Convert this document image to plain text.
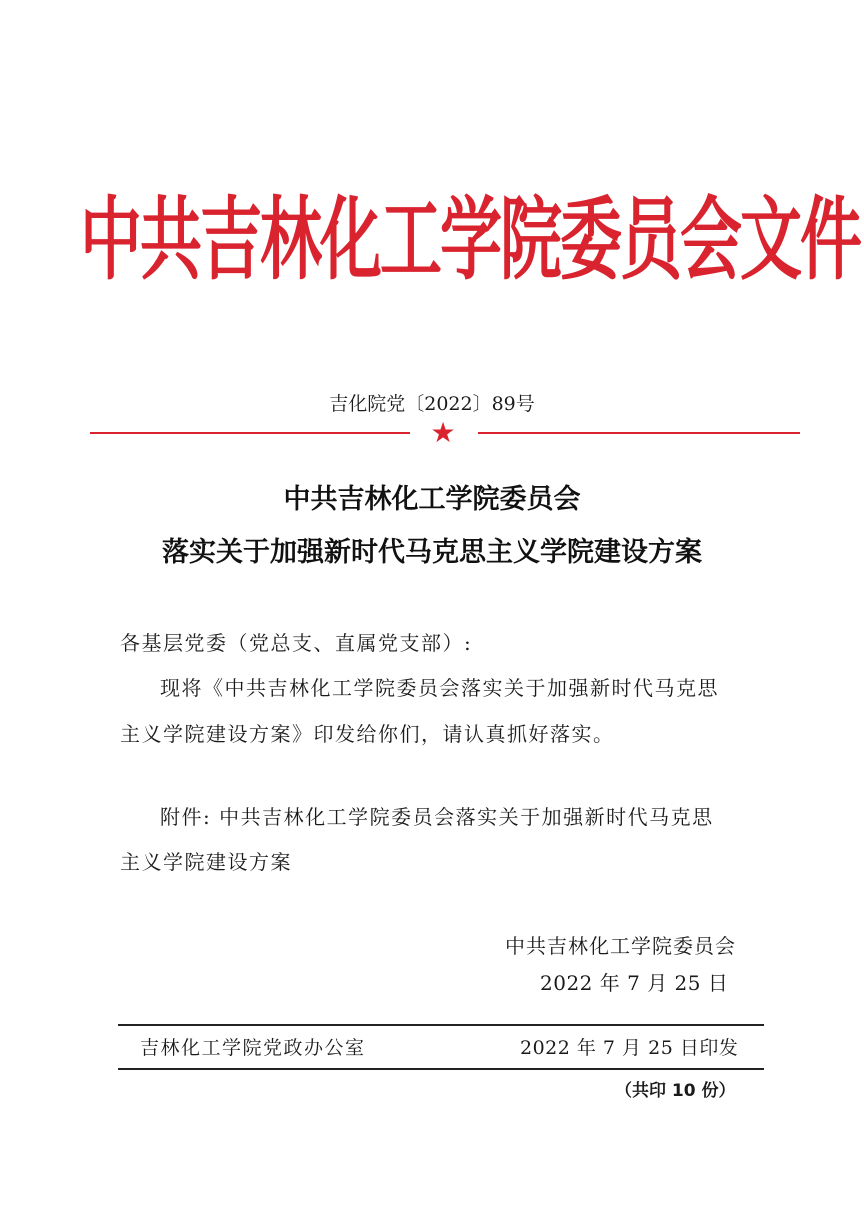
中共吉林化工学院委员会文件
吉化院党〔2022〕89号
★
中共吉林化工学院委员会
落实关于加强新时代马克思主义学院建设方案
各基层党委（党总支、直属党支部）:
现将《中共吉林化工学院委员会落实关于加强新时代马克思
主义学院建设方案》印发给你们，请认真抓好落实。
附件: 中共吉林化工学院委员会落实关于加强新时代马克思
主义学院建设方案
中共吉林化工学院委员会
2022 年 7 月 25 日
吉林化工学院党政办公室	2022 年 7 月 25 日印发
（共印 10 份）
